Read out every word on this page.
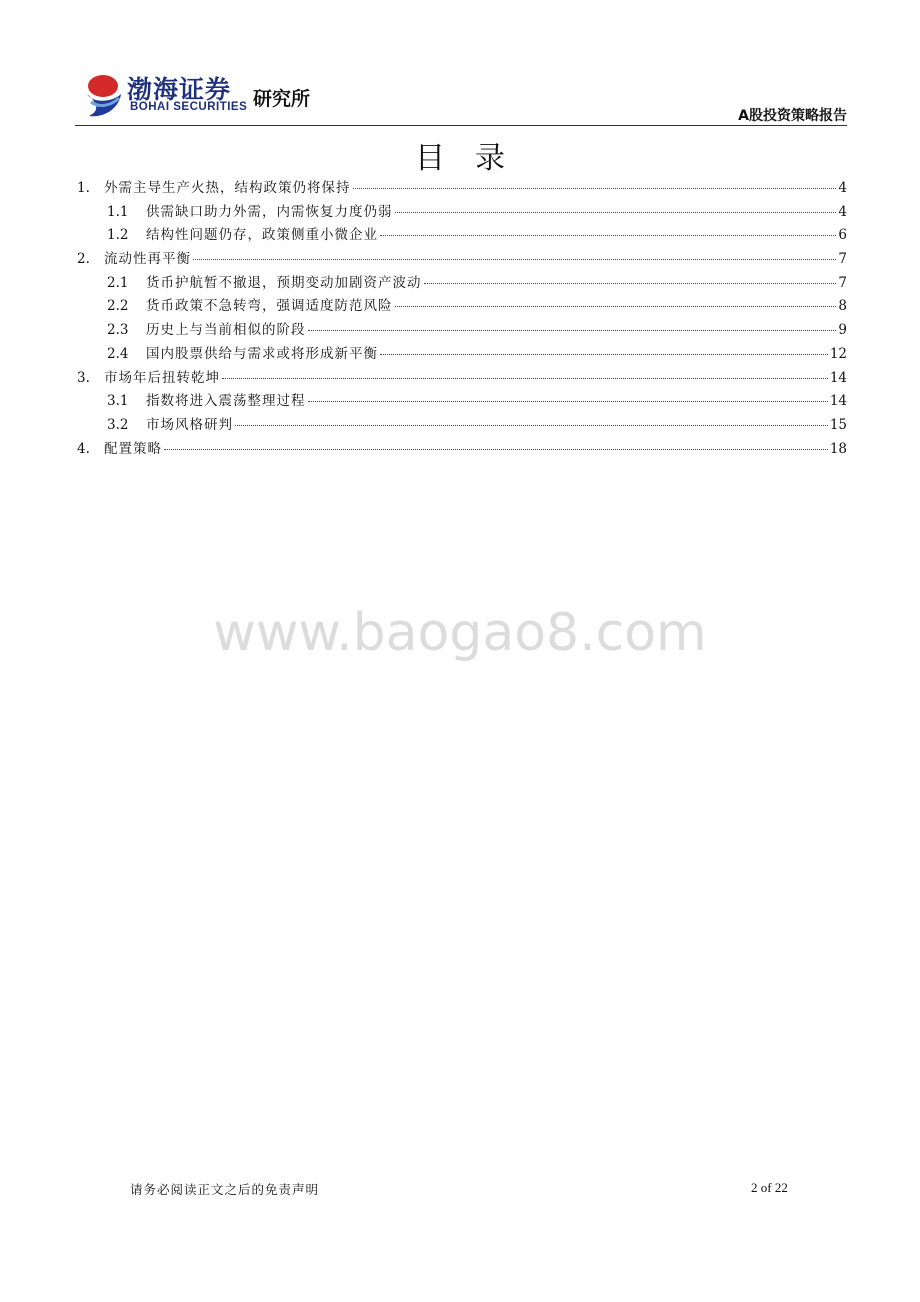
渤海证券
BOHAI SECURITIES 研究所
A股投资策略报告
目录
1.	外需主导生产火热，结构政策仍将保持	4
1.1	供需缺口助力外需，内需恢复力度仍弱	4
1.2	结构性问题仍存，政策侧重小微企业	6
2.	流动性再平衡	7
2.1	货币护航暂不撤退，预期变动加剧资产波动	7
2.2	货币政策不急转弯，强调适度防范风险	8
2.3	历史上与当前相似的阶段	9
2.4	国内股票供给与需求或将形成新平衡	12
3.	市场年后扭转乾坤	14
3.1	指数将进入震荡整理过程	14
3.2	市场风格研判	15
4.	配置策略	18
www.baogao8.com
请务必阅读正文之后的免责声明	2 of 22
